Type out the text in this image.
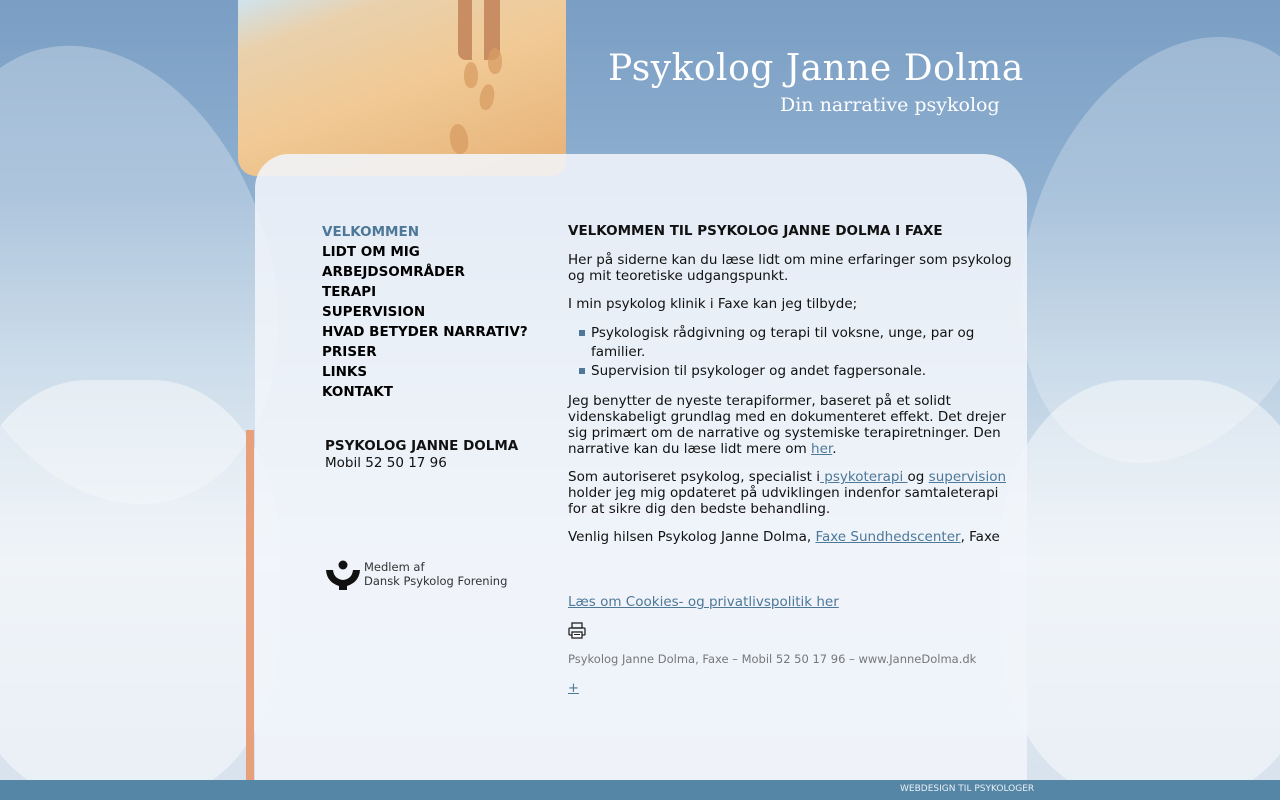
Psykolog Janne Dolma
Din narrative psykolog
VELKOMMEN
LIDT OM MIG
ARBEJDSOMRÅDER
TERAPI
SUPERVISION
HVAD BETYDER NARRATIV?
PRISER
LINKS
KONTAKT
PSYKOLOG JANNE DOLMA
Mobil 52 50 17 96
Medlem af
Dansk Psykolog Forening
VELKOMMEN TIL PSYKOLOG JANNE DOLMA I FAXE

Her på siderne kan du læse lidt om mine erfaringer som psykolog og mit teoretiske udgangspunkt.

I min psykolog klinik i Faxe kan jeg tilbyde;

Psykologisk rådgivning og terapi til voksne, unge, par og familier.
Supervision til psykologer og andet fagpersonale.

Jeg benytter de nyeste terapiformer, baseret på et solidt videnskabeligt grundlag med en dokumenteret effekt. Det drejer sig primært om de narrative og systemiske terapiretninger. Den narrative kan du læse lidt mere om her.

Som autoriseret psykolog, specialist i psykoterapi og supervision holder jeg mig opdateret på udviklingen indenfor samtaleterapi for at sikre dig den bedste behandling.

Venlig hilsen Psykolog Janne Dolma, Faxe Sundhedscenter, Faxe

Læs om Cookies- og privatlivspolitik her
Psykolog Janne Dolma, Faxe – Mobil 52 50 17 96 – www.JanneDolma.dk
+
WEBDESIGN TIL PSYKOLOGER
